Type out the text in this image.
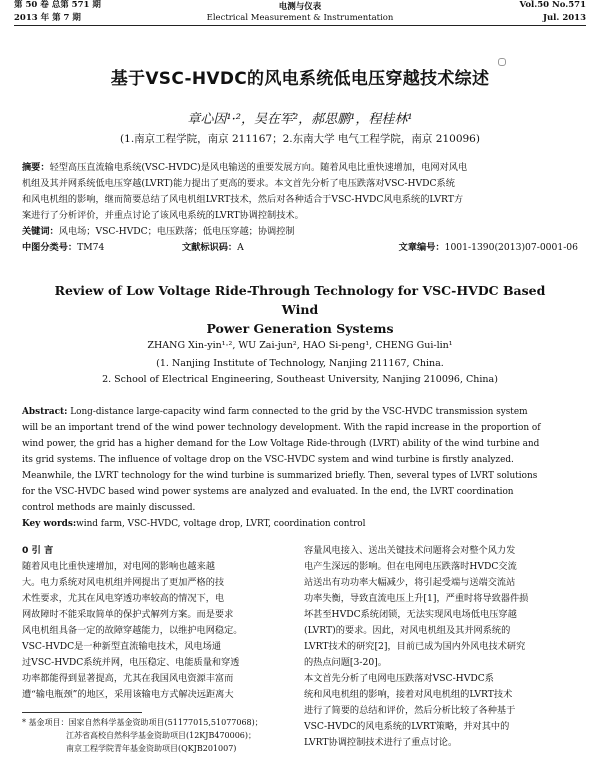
第 50 卷 总第 571 期	电测与仪表	Vol.50 No.571
2013 年 第 7 期	Electrical Measurement & Instrumentation	Jul. 2013
基于VSC-HVDC的风电系统低电压穿越技术综述
章心因¹·²，吴在军²，郝思鹏¹，程桂林¹
(1.南京工程学院，南京 211167；2.东南大学 电气工程学院，南京 210096)
摘要：轻型高压直流输电系统(VSC-HVDC)是风电输送的重要发展方向。随着风电比重快速增加，电网对风电
机组及其并网系统低电压穿越(LVRT)能力提出了更高的要求。本文首先分析了电压跌落对VSC-HVDC系统
和风电机组的影响，继而简要总结了风电机组LVRT技术，然后对各种适合于VSC-HVDC风电系统的LVRT方
案进行了分析评价，并重点讨论了该风电系统的LVRT协调控制技术。
关键词：风电场；VSC-HVDC；电压跌落；低电压穿越；协调控制
中图分类号：TM74	文献标识码：A	文章编号：1001-1390(2013)07-0001-06
Review of Low Voltage Ride-Through Technology for VSC-HVDC Based Wind
Power Generation Systems
ZHANG Xin-yin¹·², WU Zai-jun², HAO Si-peng¹, CHENG Gui-lin¹
(1. Nanjing Institute of Technology, Nanjing 211167, China.
2. School of Electrical Engineering, Southeast University, Nanjing 210096, China)
Abstract: Long-distance large-capacity wind farm connected to the grid by the VSC-HVDC transmission system
will be an important trend of the wind power technology development. With the rapid increase in the proportion of
wind power, the grid has a higher demand for the Low Voltage Ride-through (LVRT) ability of the wind turbine and
its grid systems. The influence of voltage drop on the VSC-HVDC system and wind turbine is firstly analyzed.
Meanwhile, the LVRT technology for the wind turbine is summarized briefly. Then, several types of LVRT solutions
for the VSC-HVDC based wind power systems are analyzed and evaluated. In the end, the LVRT coordination
control methods are mainly discussed.
Key words:wind farm, VSC-HVDC, voltage drop, LVRT, coordination control
0 引 言
随着风电比重快速增加，对电网的影响也越来越
大。电力系统对风电机组并网提出了更加严格的技
术性要求，尤其在风电穿透功率较高的情况下，电
网故障时不能采取简单的保护式解列方案。而是要求
风电机组具备一定的故障穿越能力，以维护电网稳定。
VSC-HVDC是一种新型直流输电技术，风电场通
过VSC-HVDC系统并网，电压稳定、电能质量和穿透
功率都能得到显著提高，尤其在我国风电资源丰富而
遭“输电瓶颈”的地区，采用该输电方式解决远距离大
* 基金项目：国家自然科学基金资助项目(51177015,51077068)；
江苏省高校自然科学基金资助项目(12KJB470006)；
南京工程学院青年基金资助项目(QKJB201007)
容量风电接入、送出关键技术问题将会对整个风力发
电产生深远的影响。但在电网电压跌落时HVDC交流
站送出有功功率大幅减少，将引起受端与送端交流站
功率失衡，导致直流电压上升[1]，严重时将导致器件损
坏甚至HVDC系统闭锁，无法实现风电场低电压穿越
(LVRT)的要求。因此，对风电机组及其并网系统的
LVRT技术的研究[2]，目前已成为国内外风电技术研究
的热点问题[3-20]。
本文首先分析了电网电压跌落对VSC-HVDC系
统和风电机组的影响，接着对风电机组的LVRT技术
进行了简要的总结和评价，然后分析比较了各种基于
VSC-HVDC的风电系统的LVRT策略，并对其中的
LVRT协调控制技术进行了重点讨论。
